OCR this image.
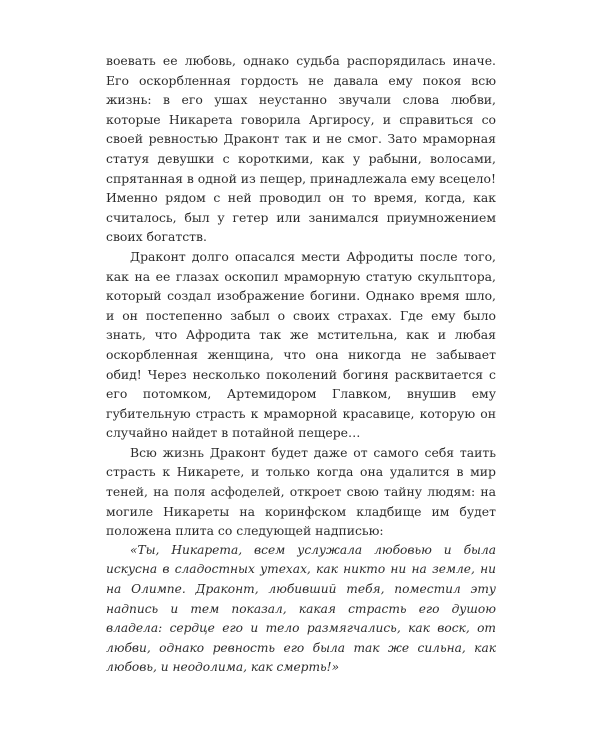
воевать ее любовь, однако судьба распорядилась иначе. Его оскорбленная гордость не давала ему покоя всю жизнь: в его ушах неустанно звучали слова любви, которые Никарета говорила Аргиросу, и справиться со своей ревностью Драконт так и не смог. Зато мраморная статуя девушки с короткими, как у рабыни, волосами, спрятанная в одной из пещер, принадлежала ему всецело! Именно рядом с ней проводил он то время, когда, как считалось, был у гетер или занимался приумножением своих богатств.

Драконт долго опасался мести Афродиты после того, как на ее глазах оскопил мраморную статую скульптора, который создал изображение богини. Однако время шло, и он постепенно забыл о своих страхах. Где ему было знать, что Афродита так же мстительна, как и любая оскорбленная женщина, что она никогда не забывает обид! Через несколько поколений богиня расквитается с его потомком, Артемидором Главком, внушив ему губительную страсть к мраморной красавице, которую он случайно найдет в потайной пещере…

Всю жизнь Драконт будет даже от самого себя таить страсть к Никарете, и только когда она удалится в мир теней, на поля асфоделей, откроет свою тайну людям: на могиле Никареты на коринфском кладбище им будет положена плита со следующей надписью:

«Ты, Никарета, всем услужала любовью и была искусна в сладостных утехах, как никто ни на земле, ни на Олимпе. Драконт, любивший тебя, поместил эту надпись и тем показал, какая страсть его душою владела: сердце его и тело размягчались, как воск, от любви, однако ревность его была так же сильна, как любовь, и неодолима, как смерть!»
